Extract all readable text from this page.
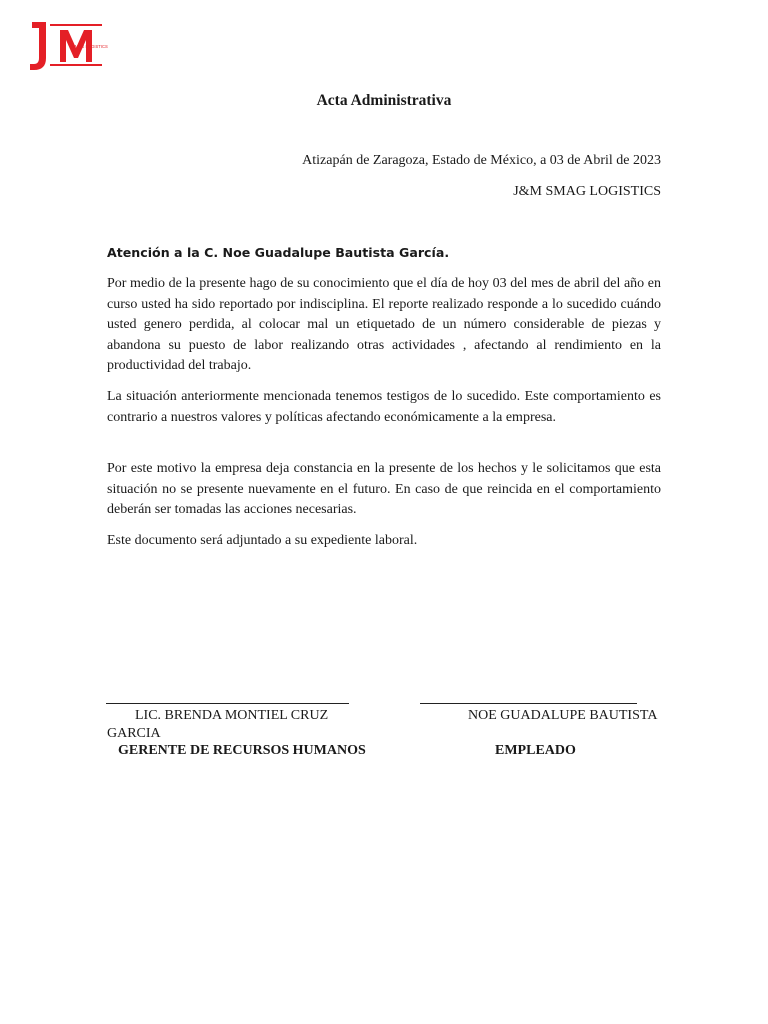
SMAG LOGISTICS
Acta Administrativa
Atizapán de Zaragoza, Estado de México, a 03 de Abril de 2023
J&M SMAG LOGISTICS

Atención a la C. Noe Guadalupe Bautista García.

Por medio de la presente hago de su conocimiento que el día de hoy 03 del mes de abril del año en curso usted ha sido reportado por indisciplina. El reporte realizado responde a lo sucedido cuándo usted genero perdida, al colocar mal un etiquetado de un número considerable de piezas y abandona su puesto de labor realizando otras actividades , afectando al rendimiento en la productividad del trabajo.

La situación anteriormente mencionada tenemos testigos de lo sucedido. Este comportamiento es contrario a nuestros valores y políticas afectando económicamente a la empresa.

Por este motivo la empresa deja constancia en la presente de los hechos y le solicitamos que esta situación no se presente nuevamente en el futuro. En caso de que reincida en el comportamiento deberán ser tomadas las acciones necesarias.

Este documento será adjuntado a su expediente laboral.

LIC. BRENDA MONTIEL CRUZ GARCIA
NOE GUADALUPE BAUTISTA
GERENTE DE RECURSOS HUMANOS	EMPLEADO
